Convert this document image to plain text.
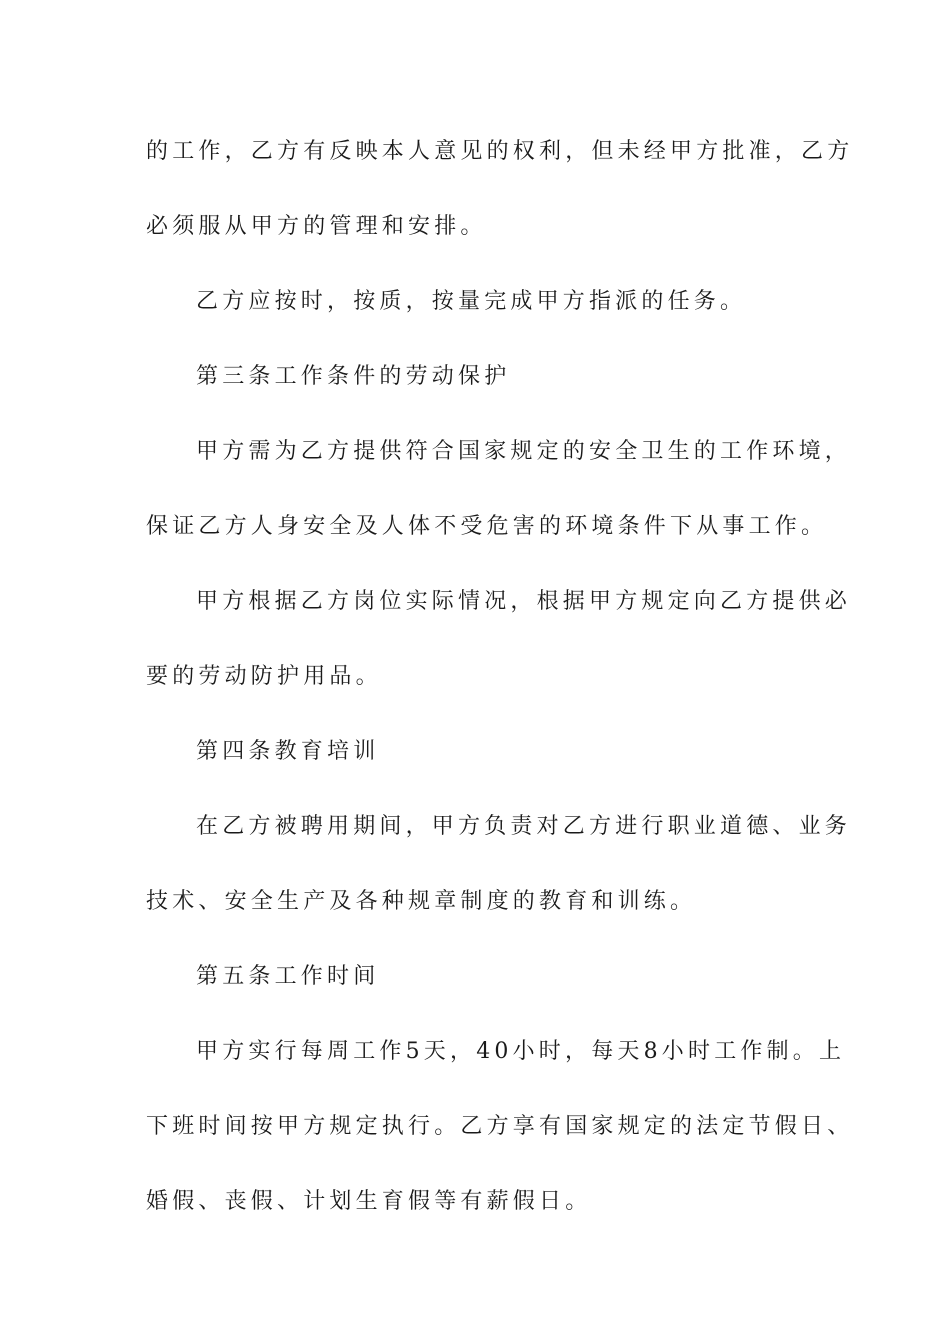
的工作，乙方有反映本人意见的权利，但未经甲方批准，乙方
必须服从甲方的管理和安排。
乙方应按时，按质，按量完成甲方指派的任务。
第三条工作条件的劳动保护
甲方需为乙方提供符合国家规定的安全卫生的工作环境，
保证乙方人身安全及人体不受危害的环境条件下从事工作。
甲方根据乙方岗位实际情况，根据甲方规定向乙方提供必
要的劳动防护用品。
第四条教育培训
在乙方被聘用期间，甲方负责对乙方进行职业道德、业务
技术、安全生产及各种规章制度的教育和训练。
第五条工作时间
甲方实行每周工作5天，40小时，每天8小时工作制。上
下班时间按甲方规定执行。乙方享有国家规定的法定节假日、
婚假、丧假、计划生育假等有薪假日。
